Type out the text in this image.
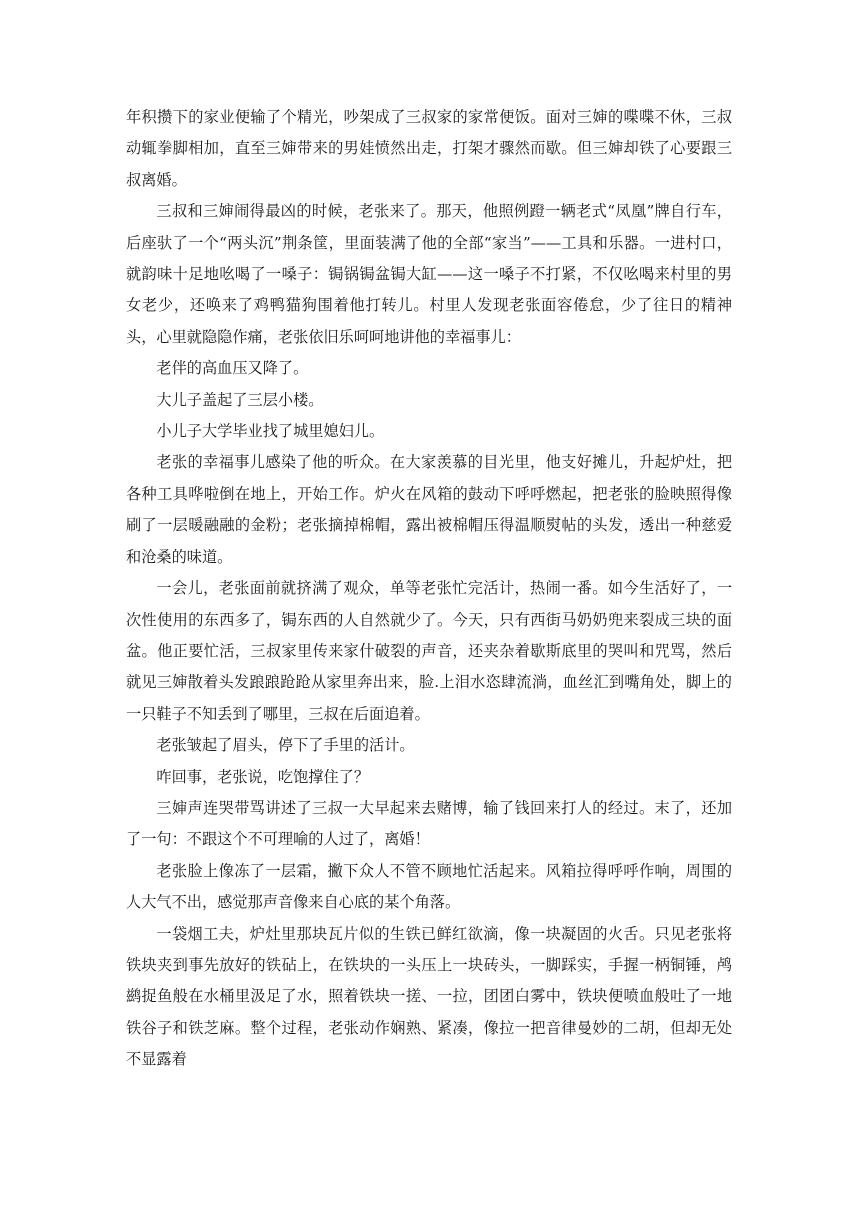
年积攒下的家业便输了个精光，吵架成了三叔家的家常便饭。面对三婶的喋喋不休，三叔动辄拳脚相加，直至三婶带来的男娃愤然出走，打架才骤然而歇。但三婶却铁了心要跟三叔离婚。

三叔和三婶闹得最凶的时候，老张来了。那天，他照例蹬一辆老式“凤凰”牌自行车，后座驮了一个“两头沉”荆条筐，里面装满了他的全部“家当”——工具和乐器。一进村口，就韵味十足地吆喝了一嗓子：锔锅锔盆锔大缸——这一嗓子不打紧，不仅吆喝来村里的男女老少，还唤来了鸡鸭猫狗围着他打转儿。村里人发现老张面容倦怠，少了往日的精神头，心里就隐隐作痛，老张依旧乐呵呵地讲他的幸福事儿：

老伴的高血压又降了。

大儿子盖起了三层小楼。

小儿子大学毕业找了城里媳妇儿。

老张的幸福事儿感染了他的听众。在大家羡慕的目光里，他支好摊儿，升起炉灶，把各种工具哗啦倒在地上，开始工作。炉火在风箱的鼓动下呼呼燃起，把老张的脸映照得像刷了一层暖融融的金粉；老张摘掉棉帽，露出被棉帽压得温顺熨帖的头发，透出一种慈爱和沧桑的味道。

一会儿，老张面前就挤满了观众，单等老张忙完活计，热闹一番。如今生活好了，一次性使用的东西多了，锔东西的人自然就少了。今天，只有西街马奶奶兜来裂成三块的面盆。他正要忙活，三叔家里传来家什破裂的声音，还夹杂着歇斯底里的哭叫和咒骂，然后就见三婶散着头发踉踉跄跄从家里奔出来，脸.上泪水恣肆流淌，血丝汇到嘴角处，脚上的一只鞋子不知丢到了哪里，三叔在后面追着。

老张皱起了眉头，停下了手里的活计。

咋回事，老张说，吃饱撑住了？

三婶声连哭带骂讲述了三叔一大早起来去赌博，输了钱回来打人的经过。末了，还加了一句：不跟这个不可理喻的人过了，离婚！

老张脸上像冻了一层霜，撇下众人不管不顾地忙活起来。风箱拉得呼呼作响，周围的人大气不出，感觉那声音像来自心底的某个角落。

一袋烟工夫，炉灶里那块瓦片似的生铁已鲜红欲滴，像一块凝固的火舌。只见老张将铁块夹到事先放好的铁砧上，在铁块的一头压上一块砖头，一脚踩实，手握一柄铜锤，鸬鹚捉鱼般在水桶里汲足了水，照着铁块一搓、一拉，团团白雾中，铁块便喷血般吐了一地铁谷子和铁芝麻。整个过程，老张动作娴熟、紧凑，像拉一把音律曼妙的二胡，但却无处不显露着
